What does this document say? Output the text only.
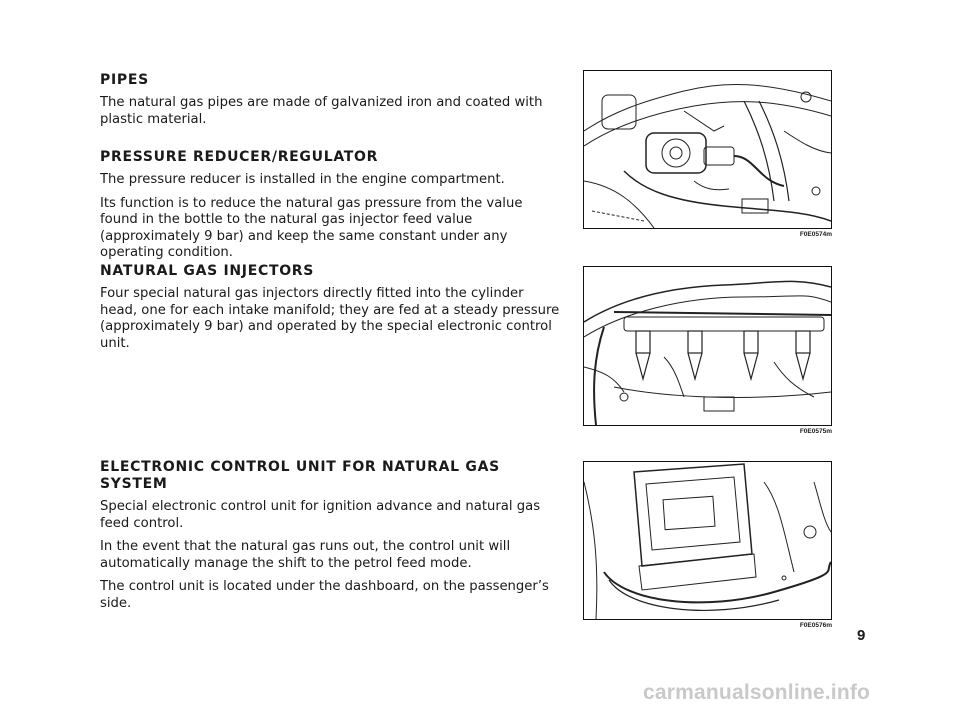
PIPES

The natural gas pipes are made of galvanized iron and coated with plastic material.

PRESSURE REDUCER/REGULATOR

The pressure reducer is installed in the engine compartment.

Its function is to reduce the natural gas pressure from the value found in the bottle to the natural gas injector feed value (approximately 9 bar) and keep the same constant under any operating condition.

NATURAL GAS INJECTORS

Four special natural gas injectors directly fitted into the cylinder head, one for each intake manifold; they are fed at a steady pressure (approximately 9 bar) and operated by the special electronic control unit.

ELECTRONIC CONTROL UNIT FOR NATURAL GAS SYSTEM

Special electronic control unit for ignition advance and natural gas feed control.

In the event that the natural gas runs out, the control unit will automatically manage the shift to the petrol feed mode.

The control unit is located under the dashboard, on the passenger’s side.

F0E0574m
F0E0575m
F0E0576m
9
carmanualsonline.info
